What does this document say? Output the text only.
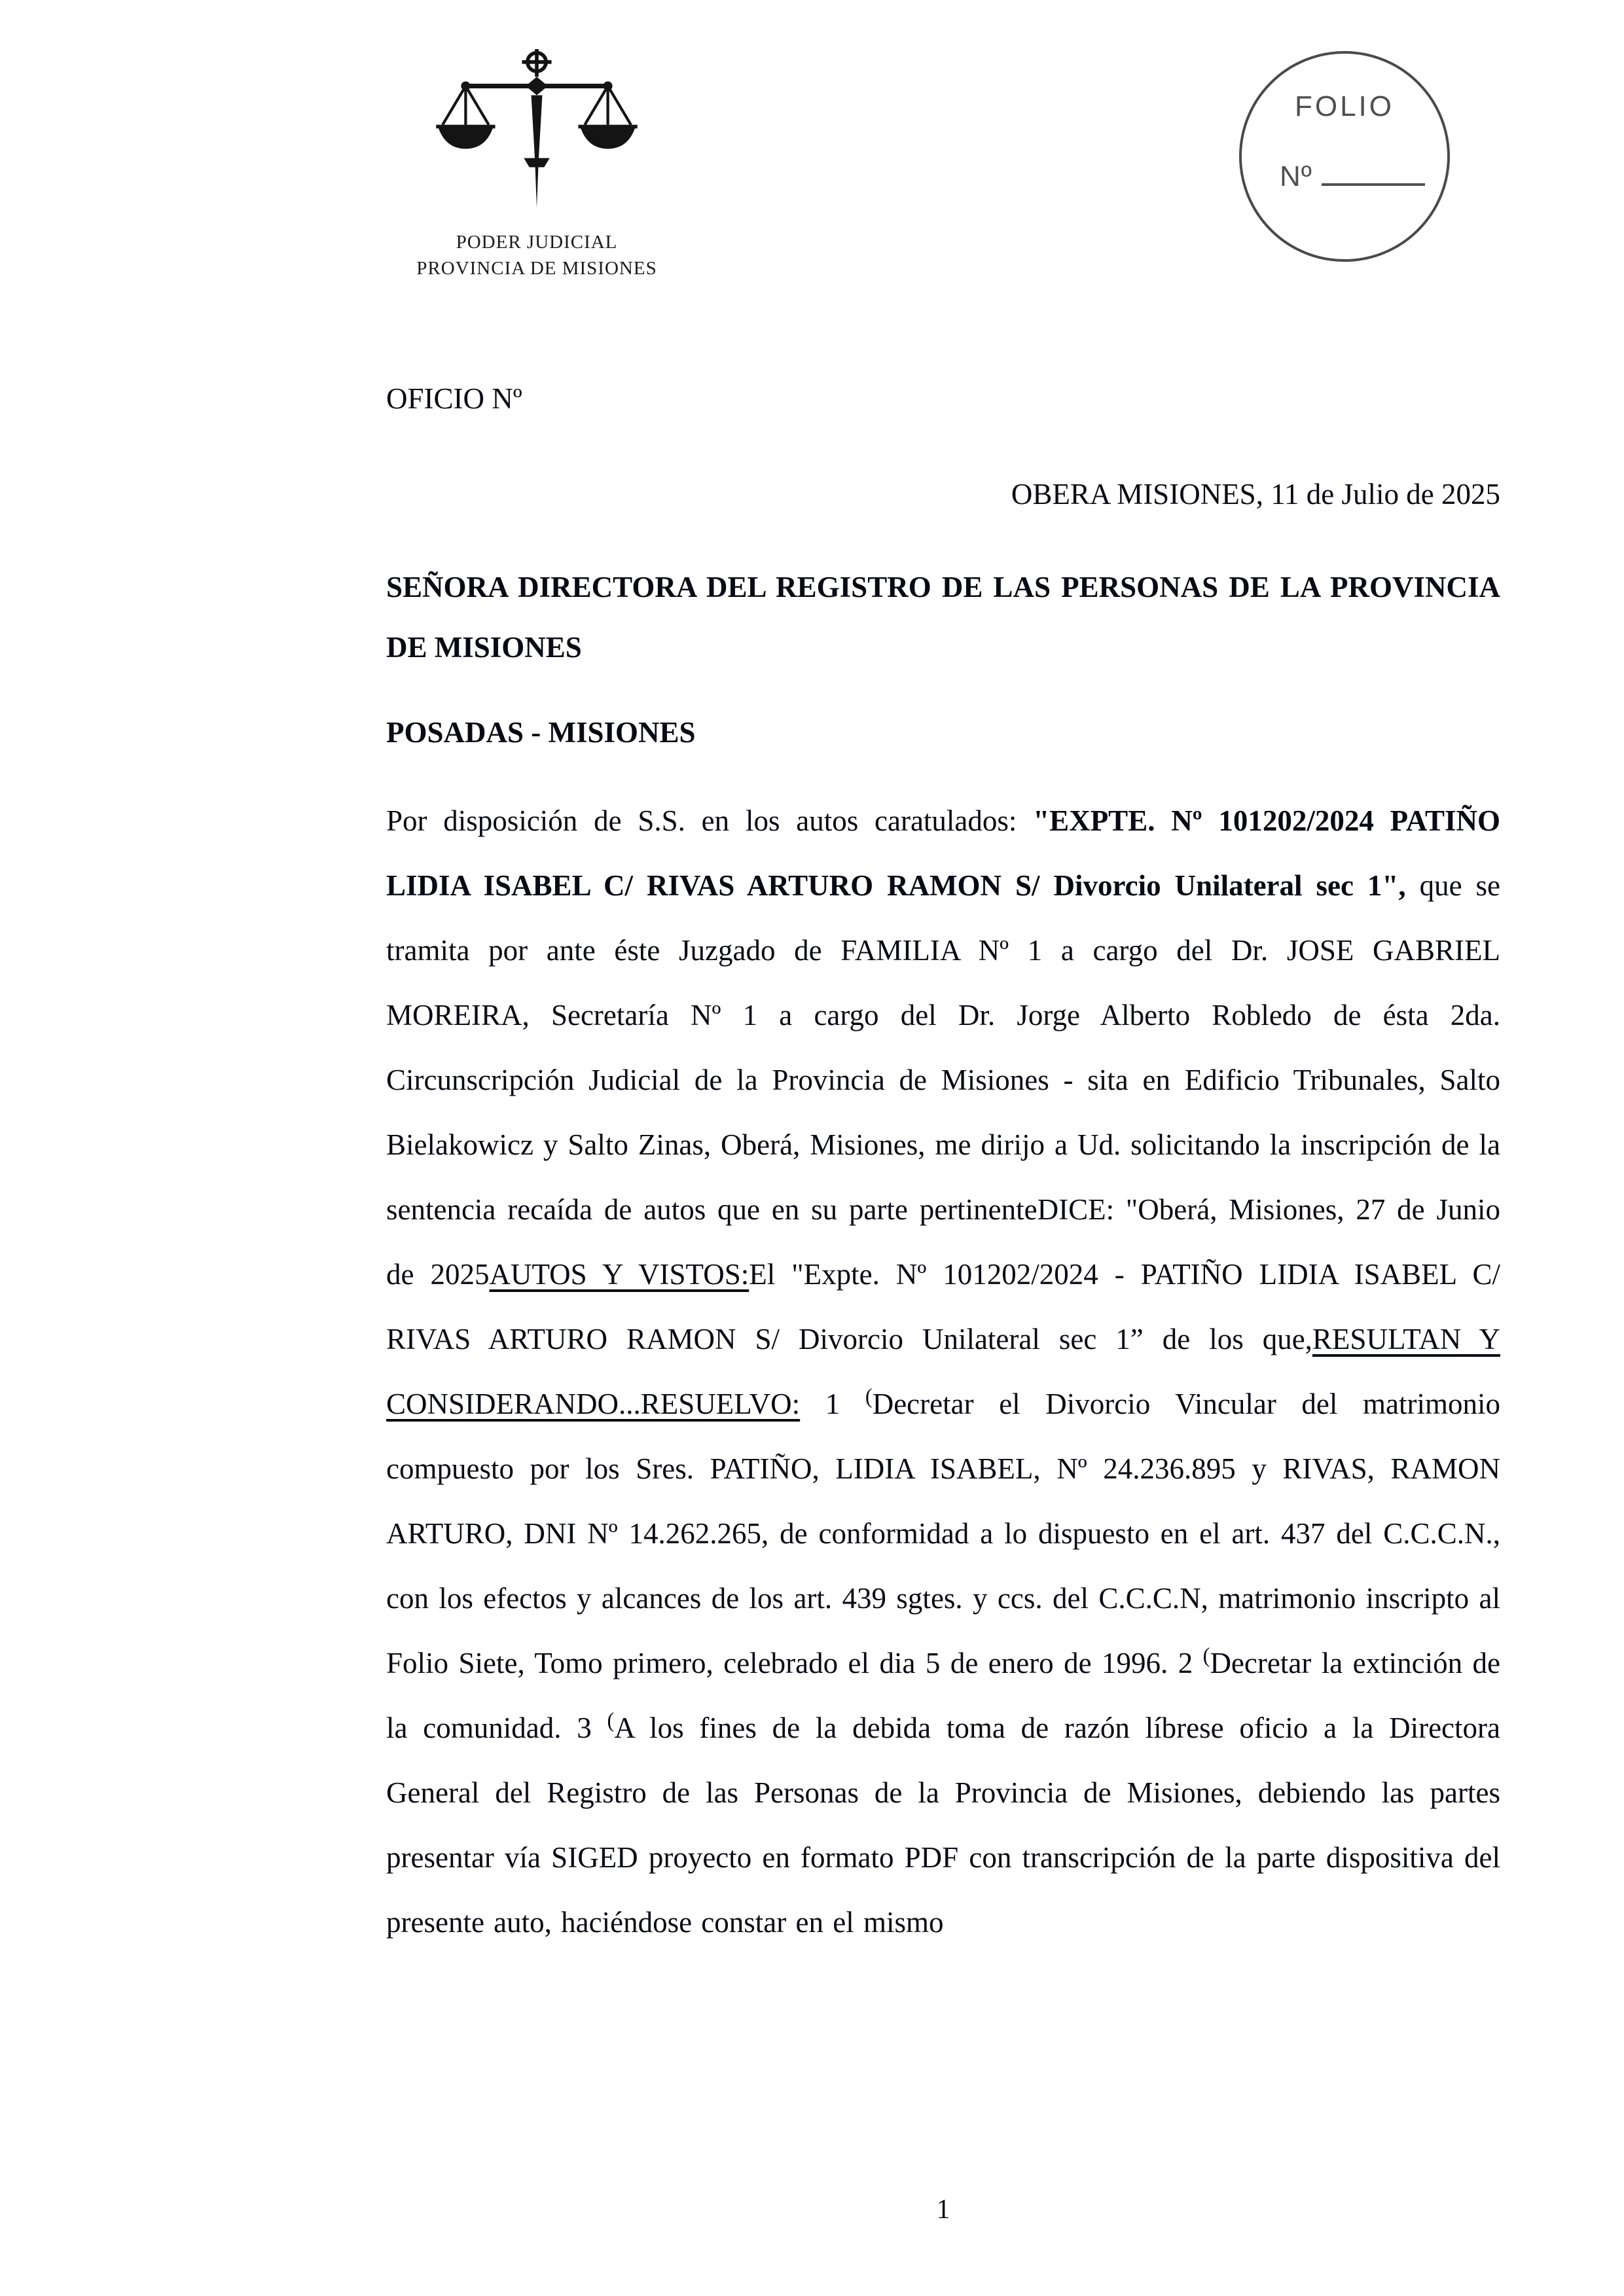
PODER JUDICIAL
PROVINCIA DE MISIONES
FOLIO
Nº
OFICIO Nº
OBERA MISIONES, 11 de Julio de 2025
SEÑORA DIRECTORA DEL REGISTRO DE LAS PERSONAS DE LA PROVINCIA DE MISIONES
POSADAS - MISIONES
Por disposición de S.S. en los autos caratulados: "EXPTE. Nº 101202/2024 PATIÑO LIDIA ISABEL C/ RIVAS ARTURO RAMON S/ Divorcio Unilateral sec 1", que se tramita por ante éste Juzgado de FAMILIA Nº 1 a cargo del Dr. JOSE GABRIEL MOREIRA, Secretaría Nº 1 a cargo del Dr. Jorge Alberto Robledo de ésta 2da. Circunscripción Judicial de la Provincia de Misiones - sita en Edificio Tribunales, Salto Bielakowicz y Salto Zinas, Oberá, Misiones, me dirijo a Ud. solicitando la inscripción de la sentencia recaída de autos que en su parte pertinenteDICE: "Oberá, Misiones, 27 de Junio de 2025AUTOS Y VISTOS:El "Expte. Nº 101202/2024 - PATIÑO LIDIA ISABEL C/ RIVAS ARTURO RAMON S/ Divorcio Unilateral sec 1” de los que,RESULTAN Y CONSIDERANDO...RESUELVO: 1 (Decretar el Divorcio Vincular del matrimonio compuesto por los Sres. PATIÑO, LIDIA ISABEL, Nº 24.236.895 y RIVAS, RAMON ARTURO, DNI Nº 14.262.265, de conformidad a lo dispuesto en el art. 437 del C.C.C.N., con los efectos y alcances de los art. 439 sgtes. y ccs. del C.C.C.N, matrimonio inscripto al Folio Siete, Tomo primero, celebrado el dia 5 de enero de 1996. 2 (Decretar la extinción de la comunidad. 3 (A los fines de la debida toma de razón líbrese oficio a la Directora General del Registro de las Personas de la Provincia de Misiones, debiendo las partes presentar vía SIGED proyecto en formato PDF con transcripción de la parte dispositiva del presente auto, haciéndose constar en el mismo
1
